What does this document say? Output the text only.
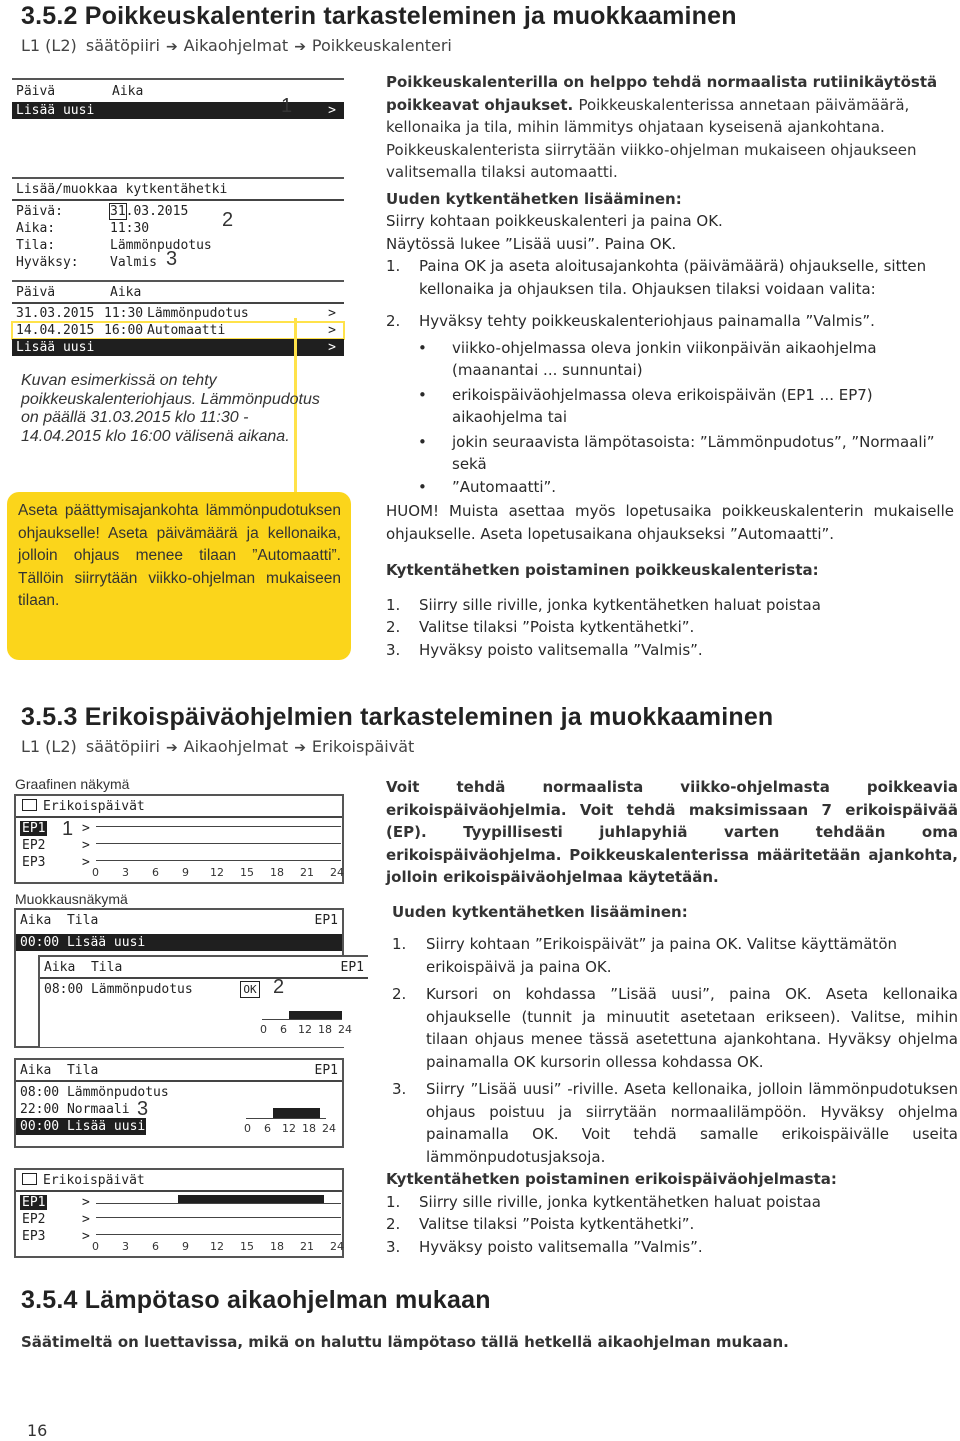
3.5.2 Poikkeuskalenterin tarkasteleminen ja muokkaaminen
L1 (L2) säätöpiiri ➔ Aikaohjelmat ➔ Poikkeuskalenteri
Päivä	Aika
Lisää uusi	>
1
Lisää/muokkaa kytkentähetki
Päivä:	31.03.2015
Aika:	11:30
Tila:	Lämmönpudotus
Hyväksy: Valmis
2
3
Päivä	Aika
31.03.2015 11:30 Lämmönpudotus	>
14.04.2015 16:00 Automaatti	>
Lisää uusi	>
Kuvan esimerkissä on tehty poikkeuskalenteriohjaus. Lämmönpudotus on päällä 31.03.2015 klo 11:30 - 14.04.2015 klo 16:00 välisenä aikana.
Aseta päättymisajankohta lämmönpudotuksen ohjaukselle! Aseta päivämäärä ja kellonaika, jolloin ohjaus menee tilaan ”Automaatti”. Tällöin siirrytään viikko-ohjelman mukaiseen tilaan.

Poikkeuskalenterilla on helppo tehdä normaalista rutiinikäytöstä poikkeavat ohjaukset. Poikkeuskalenterissa annetaan päivämäärä, kellonaika ja tila, mihin lämmitys ohjataan kyseisenä ajankohtana. Poikkeuskalenterista siirrytään viikko-ohjelman mukaiseen ohjaukseen valitsemalla tilaksi automaatti.

Uuden kytkentähetken lisääminen:

Siirry kohtaan poikkeuskalenteri ja paina OK.

Näytössä lukee ”Lisää uusi”. Paina OK.

1. Paina OK ja aseta aloitusajankohta (päivämäärä) ohjaukselle, sitten kellonaika ja ohjauksen tila. Ohjauksen tilaksi voidaan valita:
2. Hyväksy tehty poikkeuskalenteriohjaus painamalla ”Valmis”.
• viikko-ohjelmassa oleva jonkin viikonpäivän aikaohjelma (maanantai ... sunnuntai)
• erikoispäiväohjelmassa oleva erikoispäivän (EP1 ... EP7) aikaohjelma tai
• jokin seuraavista lämpötasoista: ”Lämmönpudotus”, ”Normaali” sekä
• ”Automaatti”.

HUOM! Muista asettaa myös lopetusaika poikkeuskalenterin mukaiselle ohjaukselle. Aseta lopetusaikana ohjaukseksi ”Automaatti”.

Kytkentähetken poistaminen poikkeuskalenterista:

1. Siirry sille riville, jonka kytkentähetken haluat poistaa
2. Valitse tilaksi ”Poista kytkentähetki”.
3. Hyväksy poisto valitsemalla ”Valmis”.
3.5.3 Erikoispäiväohjelmien tarkasteleminen ja muokkaaminen
L1 (L2) säätöpiiri ➔ Aikaohjelmat ➔ Erikoispäivät
Graafinen näkymä
Erikoispäivät
EP1	>
EP2	>
EP3	>
0 3 6 9 12 15 18 21 24
1
Muokkausnäkymä
Aika  Tila	EP1
00:00 Lisää uusi
Aika  Tila	EP1
08:00 Lämmönpudotus	OK
0 6 12 18 24
2
Aika  Tila	EP1
08:00 Lämmönpudotus
22:00 Normaali
00:00 Lisää uusi	0 6 12 18 24
3
Erikoispäivät
EP1	>
EP2	>
EP3	>
0 3 6 9 12 15 18 21 24

Voit tehdä normaalista viikko-ohjelmasta poikkeavia erikoispäiväohjelmia. Voit tehdä maksimissaan 7 erikoispäivää (EP). Tyypillisesti juhlapyhiä varten tehdään oma erikoispäiväohjelma. Poikkeuskalenterissa määritetään ajankohta, jolloin erikoispäiväohjelmaa käytetään.

Uuden kytkentähetken lisääminen:

1. Siirry kohtaan ”Erikoispäivät” ja paina OK. Valitse käyttämätön erikoispäivä ja paina OK.
2. Kursori on kohdassa ”Lisää uusi”, paina OK. Aseta kellonaika ohjaukselle (tunnit ja minuutit asetetaan erikseen). Valitse, mihin tilaan ohjaus menee tässä asetettuna ajankohtana. Hyväksy ohjelma painamalla OK kursorin ollessa kohdassa OK.
3. Siirry ”Lisää uusi” -riville. Aseta kellonaika, jolloin lämmönpudotuksen ohjaus poistuu ja siirrytään normaalilämpöön. Hyväksy ohjelma painamalla OK. Voit tehdä samalle erikoispäivälle useita lämmönpudotusjaksoja.

Kytkentähetken poistaminen erikoispäiväohjelmasta:

1. Siirry sille riville, jonka kytkentähetken haluat poistaa
2. Valitse tilaksi ”Poista kytkentähetki”.
3. Hyväksy poisto valitsemalla ”Valmis”.
3.5.4 Lämpötaso aikaohjelman mukaan
Säätimeltä on luettavissa, mikä on haluttu lämpötaso tällä hetkellä aikaohjelman mukaan.
16
